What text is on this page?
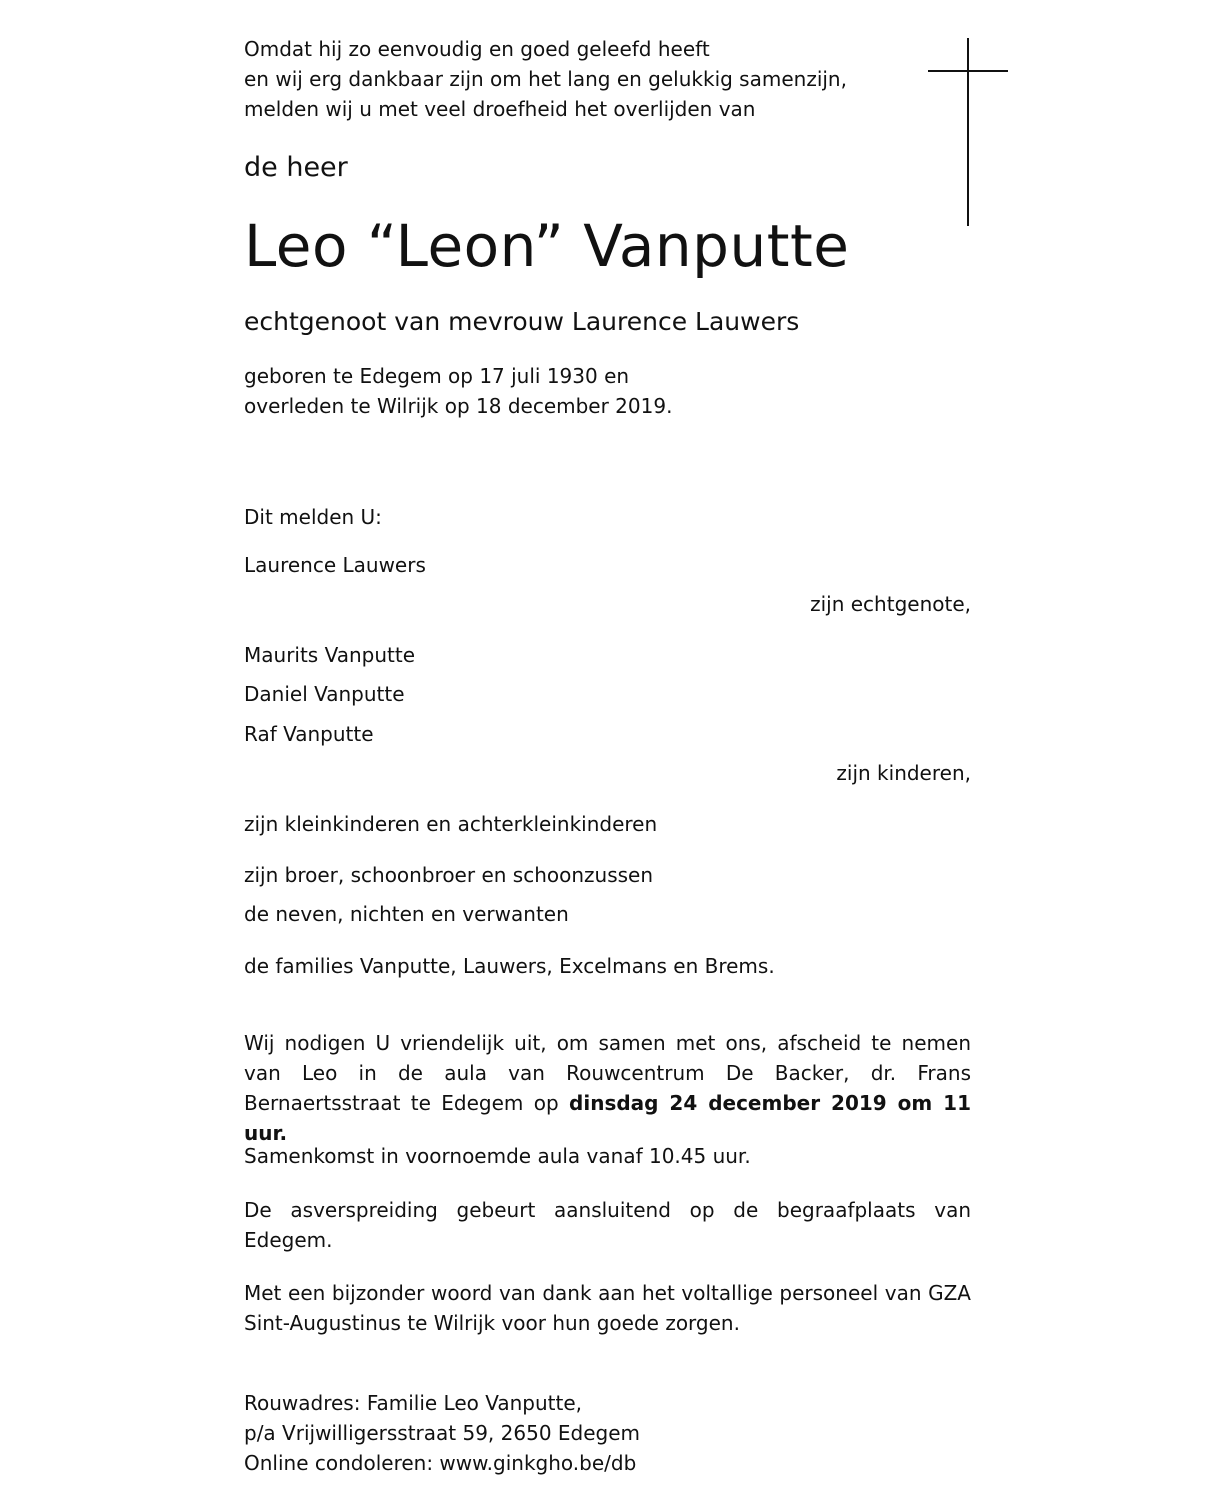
Omdat hij zo eenvoudig en goed geleefd heeft
en wij erg dankbaar zijn om het lang en gelukkig samenzijn,
melden wij u met veel droefheid het overlijden van
de heer
Leo “Leon” Vanputte
echtgenoot van mevrouw Laurence Lauwers
geboren te Edegem op 17 juli 1930 en
overleden te Wilrijk op 18 december 2019.
Dit melden U:
Laurence Lauwers
zijn echtgenote,
Maurits Vanputte
Daniel Vanputte
Raf Vanputte
zijn kinderen,
zijn kleinkinderen en achterkleinkinderen
zijn broer, schoonbroer en schoonzussen
de neven, nichten en verwanten
de families Vanputte, Lauwers, Excelmans en Brems.
Wij nodigen U vriendelijk uit, om samen met ons, afscheid te nemen van Leo in de aula van Rouwcentrum De Backer, dr. Frans Bernaertsstraat te Edegem op dinsdag 24 december 2019 om 11 uur.
Samenkomst in voornoemde aula vanaf 10.45 uur.
De asverspreiding gebeurt aansluitend op de begraafplaats van Edegem.
Met een bijzonder woord van dank aan het voltallige personeel van GZA Sint-Augustinus te Wilrijk voor hun goede zorgen.
Rouwadres: Familie Leo Vanputte,
p/a Vrijwilligersstraat 59, 2650 Edegem
Online condoleren: www.ginkgho.be/db
